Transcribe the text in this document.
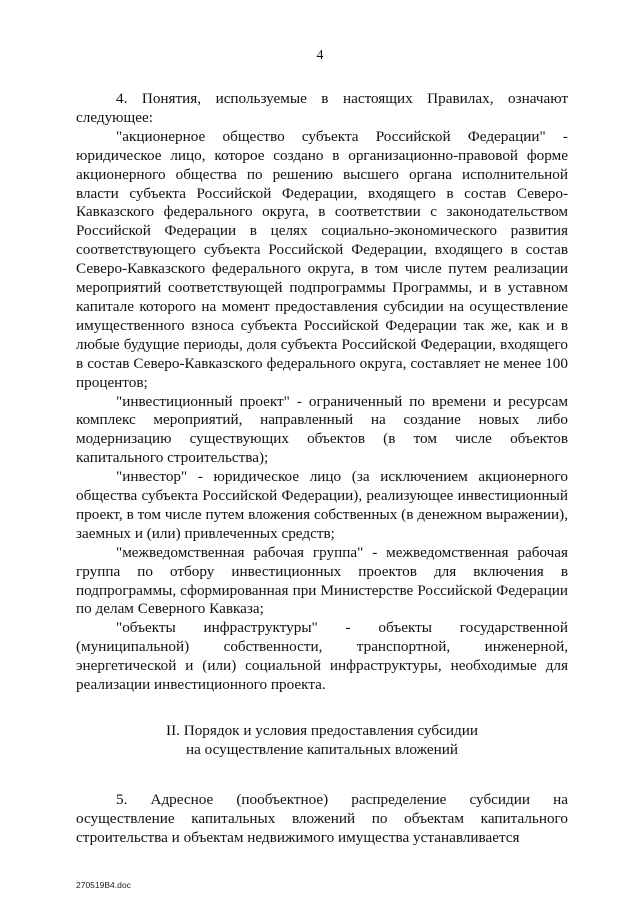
4

4. Понятия, используемые в настоящих Правилах, означают следующее:

"акционерное общество субъекта Российской Федерации" - юридическое лицо, которое создано в организационно-правовой форме акционерного общества по решению высшего органа исполнительной власти субъекта Российской Федерации, входящего в состав Северо-Кавказского федерального округа, в соответствии с законодательством Российской Федерации в целях социально-экономического развития соответствующего субъекта Российской Федерации, входящего в состав Северо-Кавказского федерального округа, в том числе путем реализации мероприятий соответствующей подпрограммы Программы, и в уставном капитале которого на момент предоставления субсидии на осуществление имущественного взноса субъекта Российской Федерации так же, как и в любые будущие периоды, доля субъекта Российской Федерации, входящего в состав Северо-Кавказского федерального округа, составляет не менее 100 процентов;

"инвестиционный проект" - ограниченный по времени и ресурсам комплекс мероприятий, направленный на создание новых либо модернизацию существующих объектов (в том числе объектов капитального строительства);

"инвестор" - юридическое лицо (за исключением акционерного общества субъекта Российской Федерации), реализующее инвестиционный проект, в том числе путем вложения собственных (в денежном выражении), заемных и (или) привлеченных средств;

"межведомственная рабочая группа" - межведомственная рабочая группа по отбору инвестиционных проектов для включения в подпрограммы, сформированная при Министерстве Российской Федерации по делам Северного Кавказа;

"объекты инфраструктуры" - объекты государственной (муниципальной) собственности, транспортной, инженерной, энергетической и (или) социальной инфраструктуры, необходимые для реализации инвестиционного проекта.

II. Порядок и условия предоставления субсидии
на осуществление капитальных вложений

5. Адресное (пообъектное) распределение субсидии на осуществление капитальных вложений по объектам капитального строительства и объектам недвижимого имущества устанавливается

270519В4.doc
